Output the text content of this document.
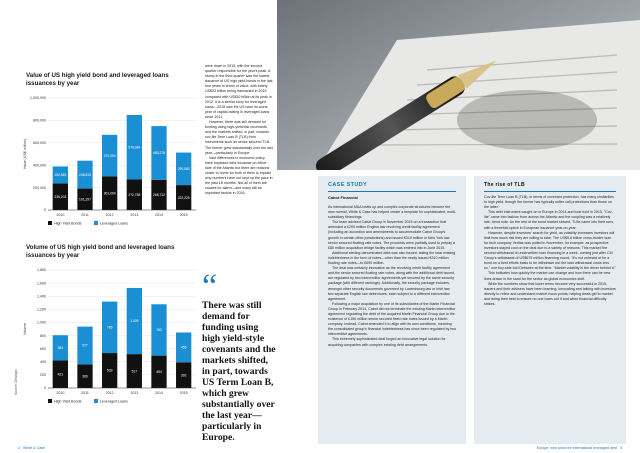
Value of US high yield bond and leveraged loans issuances by year
Value (US$ million)
0
200,000
400,000
600,000
800,000
1,000,000
236,203
152,563
2010
191,297
248,815
2011
301,064
370,054
2012
272,758
576,084
2013
268,712
480,278
2014
222,225
290,583
2015
High Yield Bonds	Leveraged Loans
Volume of US high yield bond and leveraged loans issuances by year
Volume
0
200
400
600
800
1,000
1,200
1,400
1,600
1,800
421
384
2010
360
577
2011
533
785
2012
517
1,009
2013
494
783
2014
392
455
2015
High Yield Bonds	Leveraged Loans
Source: Dealogic

were down in 2015, with the second quarter responsible for the year's peak. A slump in the third quarter saw the lowest issuance of US high yield bonds in the last four years in terms of value, with barely US$23 billion being transacted in 2015 compared with US$30 billion at its peak in 2012. It is a similar story for leveraged loans—2015 saw the US have its worst year of capital-raising in leveraged loans since 2011.

However, there was still demand for funding using high-yield/risk covenants and the markets shifted, in part, towards cov-lite Term Loan B (TLB) from instruments such as senior secured TLB. The former grew substantially over the last year—particularly in Europe.

Vast differences in economic policy have impacted debt issuance on either side of the Atlantic but there are reasons closer to home for both of them to explain why numbers have not kept up the pace in the past 18 months. Not all of them are causes for alarm—and many will be important factors in 2016.

“
There was still demand for funding using high yield-style covenants and the markets shifted, in part, towards US Term Loan B, which grew substantially over the last year—particularly in Europe.
CASE STUDY
Cabot Financial

As international M&A heats up and complex corporate structures become the new normal, White & Case has helped create a template for sophisticated, multi-subsidiary financings.

The team advised Cabot Group in November 2015 on a transaction that amended a £200 million English law revolving credit facility agreement (including an accordion and amendments to accommodate Cabot Group's growth in certain other jurisdictions) and issued €310 million in New York law senior secured floating rate notes. The proceeds were partially used to prepay a £80 million acquisition bridge facility which was entered into in June 2015.

Additional sterling-denominated debt was also issued, taking the total existing indebtedness in the form of notes—other than the newly issued €310 million floating rate notes—to £690 million.

The deal was certainly innovative as the revolving credit facility agreement and the senior secured floating rate notes, along with the additional debt issued, are regulated by two intercreditor agreements yet secured by the same security package (with different rankings). Additionally, the security package includes, amongst other security documents governed by Luxembourg law or Irish law, two separate English law debentures, each subject to a different intercreditor agreement.

Following a major acquisition by one of its subsidiaries of the Marlin Financial Group in February 2014, Cabot did not terminate the existing Marlin intercreditor agreement regulating the debt of the acquired Marlin Financial Group due to the existence of £150 million senior secured fixed rate notes issued by a Marlin company. Instead, Cabot amended it to align with its own conditions, meaning the consolidated group's financial indebtedness has since been regulated by two intercreditor agreements.

This extremely sophisticated deal forged an innovative legal solution for acquiring companies with complex existing debt arrangements.

The rise of TLB

Cov-lite Term Loan B (TLB), in terms of covenant protection, has many similarities to high yield, though the former has typically softer call protections than those on the latter.

This debt instrument caught on in Europe in 2014 and took hold in 2015. "Cov-lite" came into fashion from across the Atlantic and the coupling was a relatively late, trend note. As the rest of the bond market slowed, TLBs came into their own, with a threefold uptick in European issuance year-on-year.

However, despite investors' search for yield, as volatility increases investors will limit how much risk they are willing to take. The US$5.6 billion cross-border loan for tech company Veritas was pulled in November, for example, as prospective investors stayed cool on the deal due to a variety of reasons. This marked the second withdrawal of underwritten loan financing in a week, coming just after CM Group's withdrawal of US$675 million financing round. "It's not unheard of for a bond on a best efforts basis to be withdrawn but the loan withdrawal cross less so," one buy-side told Debtwire at the time. "Market volatility is the driver behind it."

This indicates how quickly the market can change and how there can be new lines drawn in the sand for the sector as global economies shift.

While the numbers show that lower terms became very successful in 2015, issuers and their advisers have been learning, innovating and talking with investors directly to refine and understand market focus points, helping deals get to market and doing their best to ensure no one loses out if and when financial difficulty strikes.

4 White & Case	Europe: new world for international leveraged debt 5
